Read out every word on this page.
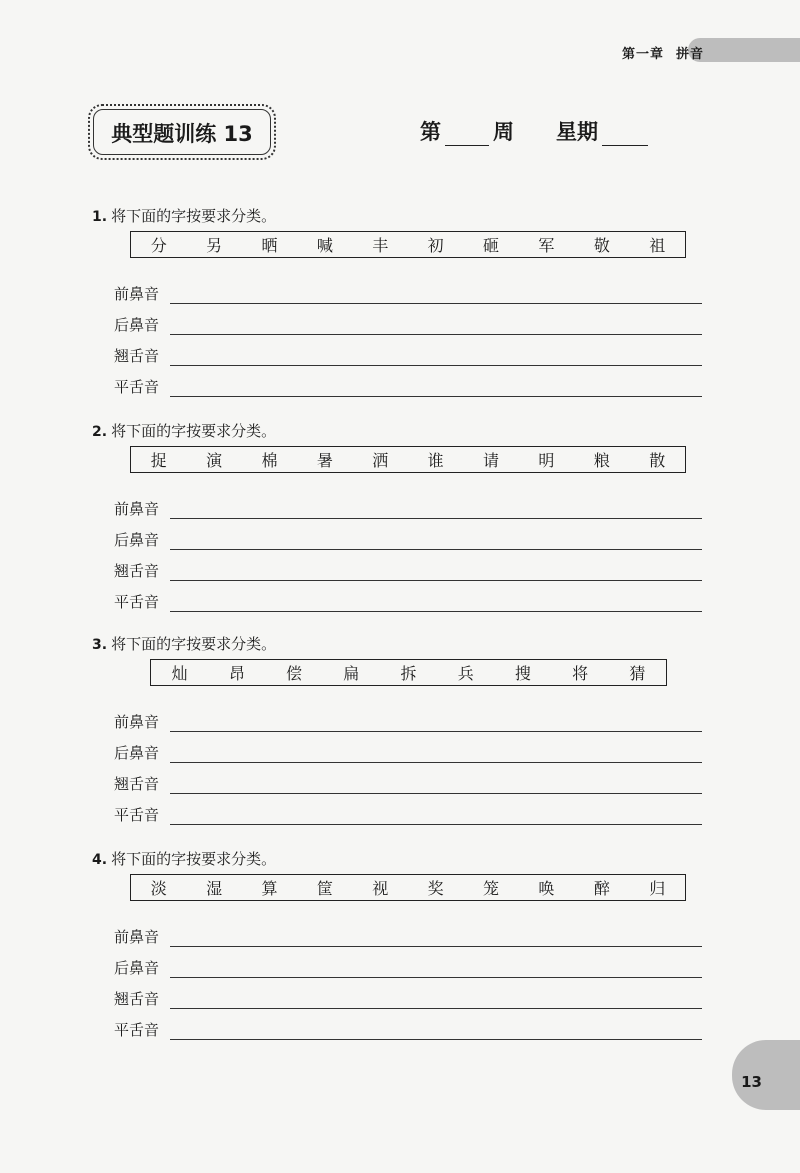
第一章 拼音
典型题训练 13	第 周 星期
1. 将下面的字按要求分类。
分 另 晒 喊 丰 初 砸 军 敬 祖
前鼻音
后鼻音
翘舌音
平舌音
2. 将下面的字按要求分类。
捉 演 棉 暑 洒 谁 请 明 粮 散
前鼻音
后鼻音
翘舌音
平舌音
3. 将下面的字按要求分类。
灿	昂	偿	扁	拆	兵	搜	将	猜
前鼻音
后鼻音
翘舌音
平舌音
4. 将下面的字按要求分类。
淡 湿 算 筐 视 奖 笼 唤 醉 归
前鼻音
后鼻音
翘舌音
平舌音
13
